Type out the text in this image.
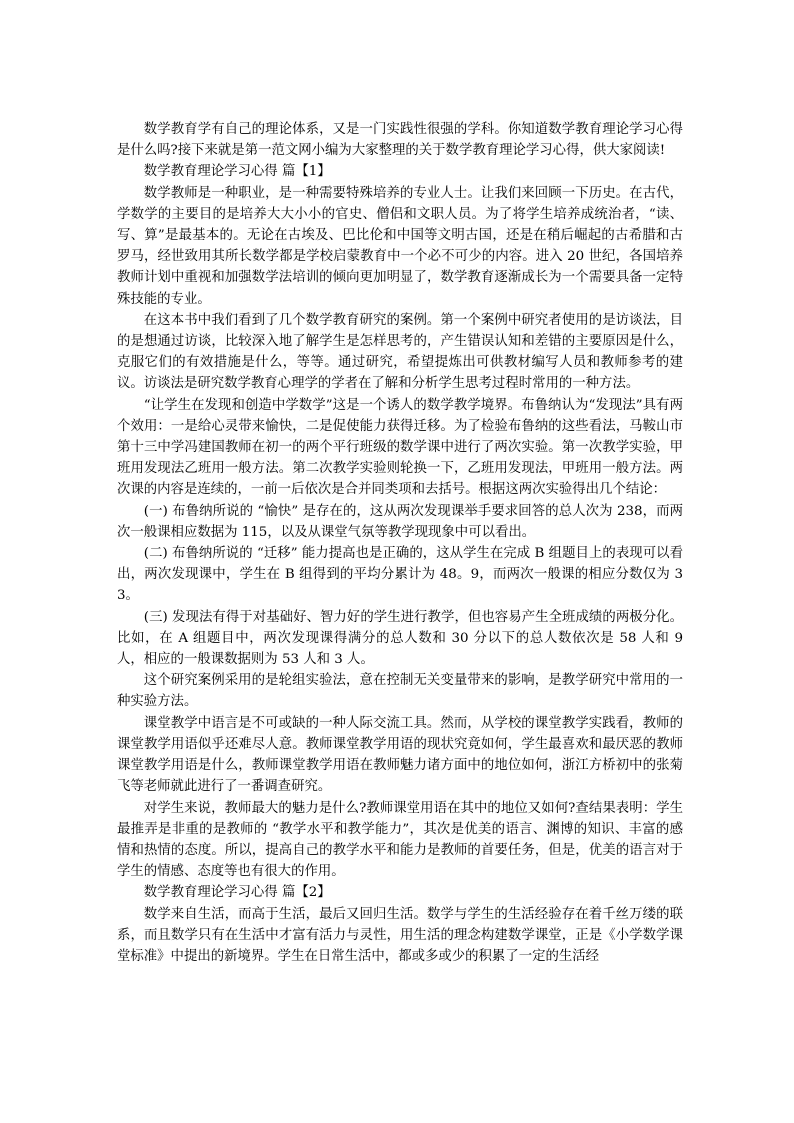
数学教育学有自己的理论体系，又是一门实践性很强的学科。你知道数学教育理论学习心得是什么吗?接下来就是第一范文网小编为大家整理的关于数学教育理论学习心得，供大家阅读!

数学教育理论学习心得 篇【1】

数学教师是一种职业，是一种需要特殊培养的专业人士。让我们来回顾一下历史。在古代，学数学的主要目的是培养大大小小的官史、僧侣和文职人员。为了将学生培养成统治者，“读、写、算”是最基本的。无论在古埃及、巴比伦和中国等文明古国，还是在稍后崛起的古希腊和古罗马，经世致用其所长数学都是学校启蒙教育中一个必不可少的内容。进入 20 世纪，各国培养教师计划中重视和加强数学法培训的倾向更加明显了，数学教育逐渐成长为一个需要具备一定特殊技能的专业。

在这本书中我们看到了几个数学教育研究的案例。第一个案例中研究者使用的是访谈法，目的是想通过访谈，比较深入地了解学生是怎样思考的，产生错误认知和差错的主要原因是什么，克服它们的有效措施是什么，等等。通过研究，希望提炼出可供教材编写人员和教师参考的建议。访谈法是研究数学教育心理学的学者在了解和分析学生思考过程时常用的一种方法。

“让学生在发现和创造中学数学”这是一个诱人的数学教学境界。布鲁纳认为“发现法”具有两个效用：一是给心灵带来愉快，二是促使能力获得迁移。为了检验布鲁纳的这些看法，马鞍山市第十三中学冯建国教师在初一的两个平行班级的数学课中进行了两次实验。第一次教学实验，甲班用发现法乙班用一般方法。第二次教学实验则轮换一下，乙班用发现法，甲班用一般方法。两次课的内容是连续的，一前一后依次是合并同类项和去括号。根据这两次实验得出几个结论：

(一) 布鲁纳所说的 “愉快” 是存在的，这从两次发现课举手要求回答的总人次为 238，而两次一般课相应数据为 115，以及从课堂气氛等教学现现象中可以看出。

(二) 布鲁纳所说的 “迁移” 能力提高也是正确的，这从学生在完成 B 组题目上的表现可以看出，两次发现课中，学生在 B 组得到的平均分累计为 48。9，而两次一般课的相应分数仅为 33。

(三) 发现法有得于对基础好、智力好的学生进行教学，但也容易产生全班成绩的两极分化。比如，在 A 组题目中，两次发现课得满分的总人数和 30 分以下的总人数依次是 58 人和 9 人，相应的一般课数据则为 53 人和 3 人。

这个研究案例采用的是轮组实验法，意在控制无关变量带来的影响，是教学研究中常用的一种实验方法。

课堂教学中语言是不可或缺的一种人际交流工具。然而，从学校的课堂教学实践看，教师的课堂教学用语似乎还难尽人意。教师课堂教学用语的现状究竟如何，学生最喜欢和最厌恶的教师课堂教学用语是什么，教师课堂教学用语在教师魅力诸方面中的地位如何，浙江方桥初中的张菊飞等老师就此进行了一番调查研究。

对学生来说，教师最大的魅力是什么?教师课堂用语在其中的地位又如何?查结果表明：学生最推弄是非重的是教师的 “教学水平和教学能力”，其次是优美的语言、渊博的知识、丰富的感情和热情的态度。所以，提高自己的教学水平和能力是教师的首要任务，但是，优美的语言对于学生的情感、态度等也有很大的作用。

数学教育理论学习心得 篇【2】

数学来自生活，而高于生活，最后又回归生活。数学与学生的生活经验存在着千丝万缕的联系，而且数学只有在生活中才富有活力与灵性，用生活的理念构建数学课堂，正是《小学数学课堂标准》中提出的新境界。学生在日常生活中，都或多或少的积累了一定的生活经
